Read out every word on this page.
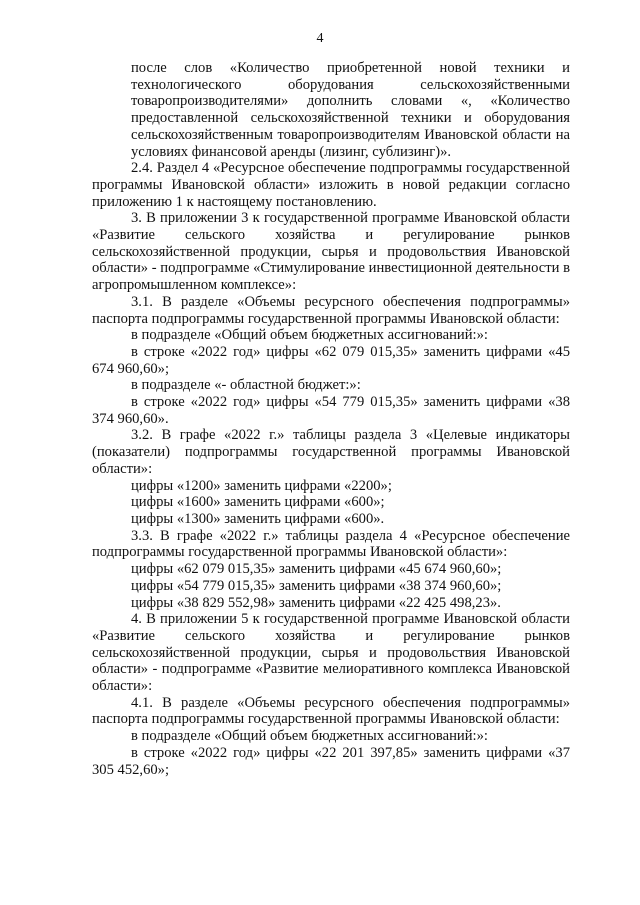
4

после слов «Количество приобретенной новой техники и технологического оборудования сельскохозяйственными товаропроизводителями» дополнить словами «, «Количество предоставленной сельскохозяйственной техники и оборудования сельскохозяйственным товаропроизводителям Ивановской области на условиях финансовой аренды (лизинг, сублизинг)».

2.4. Раздел 4 «Ресурсное обеспечение подпрограммы государственной программы Ивановской области» изложить в новой редакции согласно приложению 1 к настоящему постановлению.

3. В приложении 3 к государственной программе Ивановской области «Развитие сельского хозяйства и регулирование рынков сельскохозяйственной продукции, сырья и продовольствия Ивановской области» - подпрограмме «Стимулирование инвестиционной деятельности в агропромышленном комплексе»:

3.1. В разделе «Объемы ресурсного обеспечения подпрограммы» паспорта подпрограммы государственной программы Ивановской области:

в подразделе «Общий объем бюджетных ассигнований:»:

в строке «2022 год» цифры «62 079 015,35» заменить цифрами «45 674 960,60»;

в подразделе «- областной бюджет:»:

в строке «2022 год» цифры «54 779 015,35» заменить цифрами «38 374 960,60».

3.2. В графе «2022 г.» таблицы раздела 3 «Целевые индикаторы (показатели) подпрограммы государственной программы Ивановской области»:

цифры «1200» заменить цифрами «2200»;

цифры «1600» заменить цифрами «600»;

цифры «1300» заменить цифрами «600».

3.3. В графе «2022 г.» таблицы раздела 4 «Ресурсное обеспечение подпрограммы государственной программы Ивановской области»:

цифры «62 079 015,35» заменить цифрами «45 674 960,60»;

цифры «54 779 015,35» заменить цифрами «38 374 960,60»;

цифры «38 829 552,98» заменить цифрами «22 425 498,23».

4. В приложении 5 к государственной программе Ивановской области «Развитие сельского хозяйства и регулирование рынков сельскохозяйственной продукции, сырья и продовольствия Ивановской области» - подпрограмме «Развитие мелиоративного комплекса Ивановской области»:

4.1. В разделе «Объемы ресурсного обеспечения подпрограммы» паспорта подпрограммы государственной программы Ивановской области:

в подразделе «Общий объем бюджетных ассигнований:»:

в строке «2022 год» цифры «22 201 397,85» заменить цифрами «37 305 452,60»;
